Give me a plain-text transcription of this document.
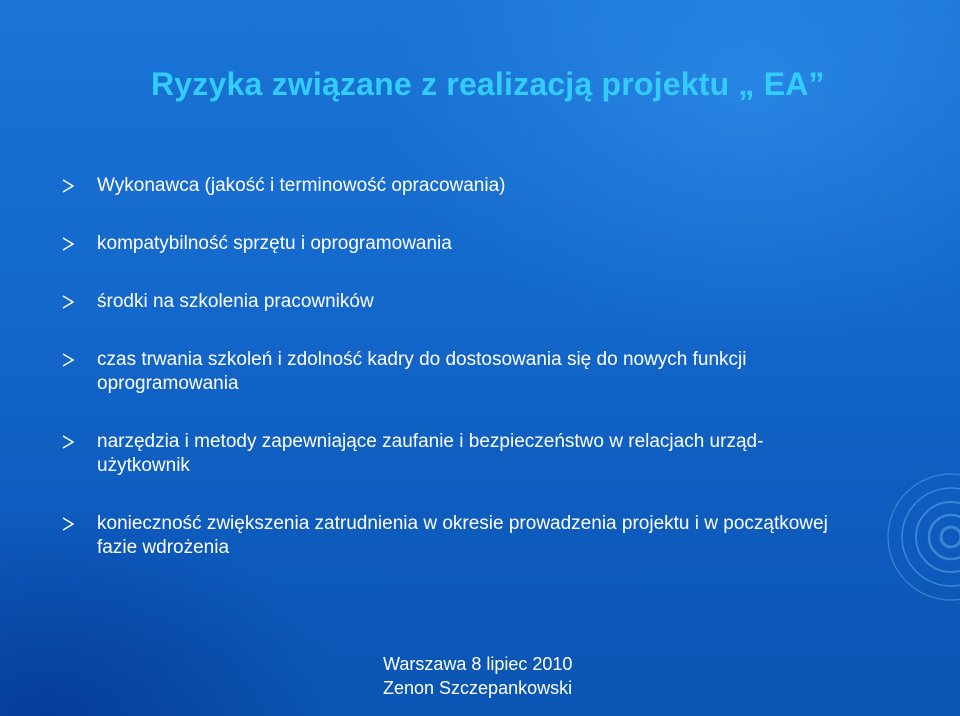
Ryzyka związane z realizacją projektu „ EA”
Wykonawca (jakość i terminowość opracowania)
kompatybilność sprzętu i oprogramowania
środki na szkolenia pracowników
czas trwania szkoleń i zdolność kadry do dostosowania się do nowych funkcji oprogramowania
narzędzia i metody zapewniające zaufanie i bezpieczeństwo w relacjach urząd-użytkownik
konieczność zwiększenia zatrudnienia w okresie prowadzenia projektu i w początkowej fazie wdrożenia
Warszawa 8 lipiec 2010
Zenon Szczepankowski
